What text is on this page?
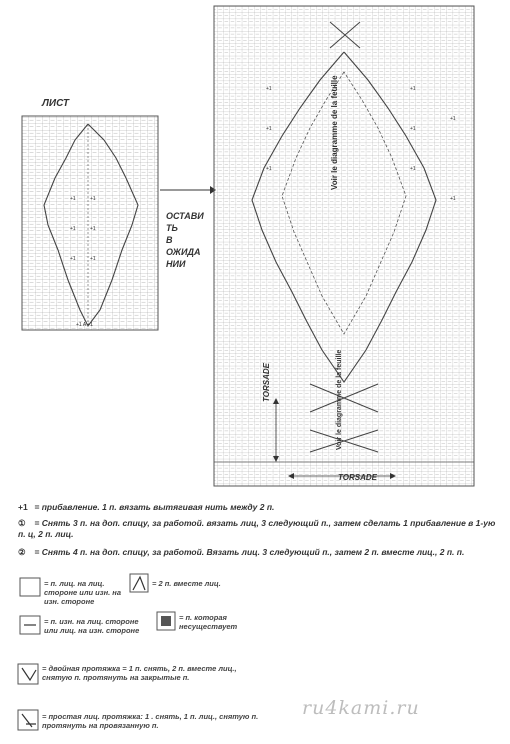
+1 A +1
+1
+1
+1
+1
+1
+1
+1
+1
+1
+1
+1
+1
+1
+1
ЛИСТ
ОСТАВИ
ТЬ
В
ОЖИДА
НИИ
Voir le diagramme de la feuille
Voir le diagramme de la feuille
TORSADE
TORSADE
+1 = прибавление. 1 п. вязать вытягивая нить между 2 п.
① = Снять 3 п. на доп. спицу, за работой. вязать лиц, 3 следующий п., затем сделать 1 прибавление в 1-ую п. ц, 2 п. лиц.
② = Снять 4 п. на доп. спицу, за работой. Вязать лиц. 3 следующий п., затем 2 п. вместе лиц., 2 п. п.
= п. лиц. на лиц. стороне или изн. на изн. стороне
= 2 п. вместе лиц.
= п. изн. на лиц. стороне или лиц. на изн. стороне
= п. которая несуществует
= двойная протяжка = 1 п. снять, 2 п. вместе лиц., снятую п. протянуть на закрытые п.
= простая лиц. протяжка: 1 . снять, 1 п. лиц., снятую п. протянуть на провязанную п.
ru4kami.ru
